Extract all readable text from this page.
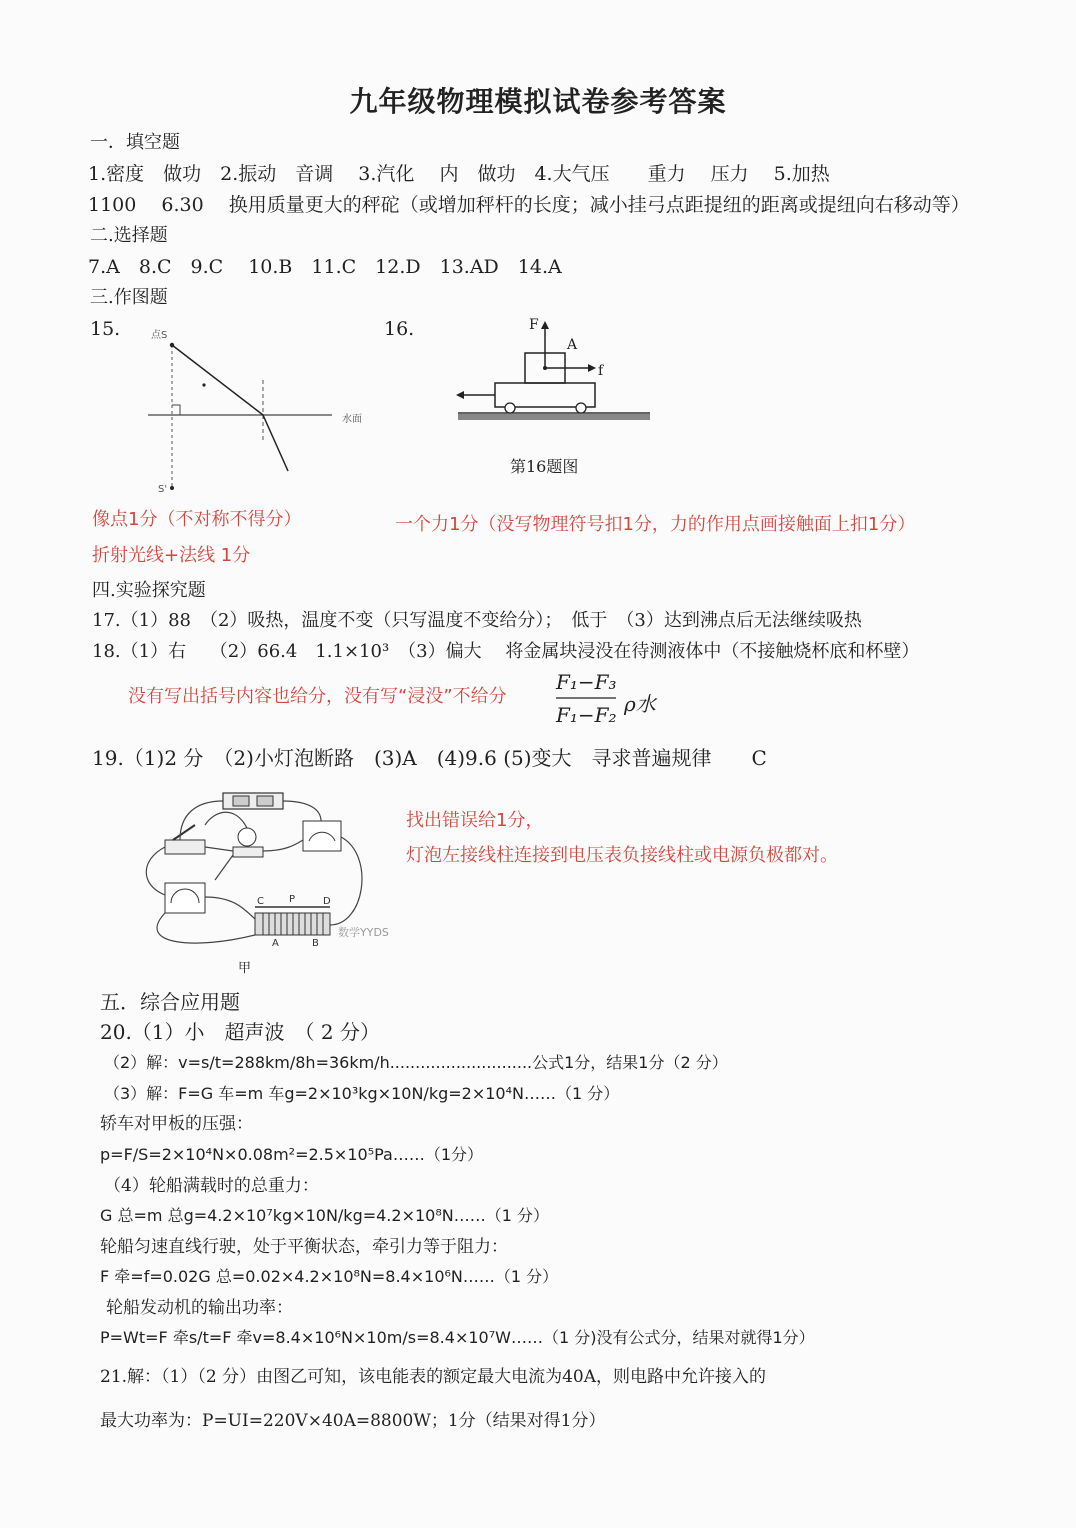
九年级物理模拟试卷参考答案
一．填空题
1.密度　做功　2.振动　音调　 3.汽化　 内　做功　4.大气压　　重力　 压力　 5.加热
1100　 6.30　 换用质量更大的秤砣（或增加秤杆的长度；减小挂弓点距提纽的距离或提纽向右移动等）
二.选择题
7.A　8.C　9.C　 10.B　11.C　12.D　13.AD　14.A
三.作图题
15.	16.
点S
水面
S'
F
A
f
第16题图
像点1分（不对称不得分）	一个力1分（没写物理符号扣1分，力的作用点画接触面上扣1分）
折射光线+法线 1分
四.实验探究题
17.（1）88　（2）吸热，温度不变（只写温度不变给分）；　低于　（3）达到沸点后无法继续吸热
18.（1）右　 （2）66.4　1.1×10³　（3）偏大　 将金属块浸没在待测液体中（不接触烧杯底和杯壁）
没有写出括号内容也给分，没有写“浸没”不给分
F₁−F₃
F₁−F₂ ρ水
19.（1)2 分　（2)小灯泡断路　(3)A　(4)9.6 (5)变大　寻求普遍规律　　C
C	P	D
A	B
数学YYDS
甲
找出错误给1分，
灯泡左接线柱连接到电压表负接线柱或电源负极都对。
五．综合应用题
20.（1）小　超声波　（ 2 分）
（2）解：v=s/t=288km/8h=36km/h............................公式1分，结果1分（2 分）
（3）解：F=G 车=m 车g=2×10³kg×10N/kg=2×10⁴N……（1 分）
轿车对甲板的压强：
p=F/S=2×10⁴N×0.08m²=2.5×10⁵Pa……（1分）
（4）轮船满载时的总重力：
G 总=m 总g=4.2×10⁷kg×10N/kg=4.2×10⁸N……（1 分）
轮船匀速直线行驶，处于平衡状态，牵引力等于阻力：
F 牵=f=0.02G 总=0.02×4.2×10⁸N=8.4×10⁶N……（1 分）
轮船发动机的输出功率：
P=Wt=F 牵s/t=F 牵v=8.4×10⁶N×10m/s=8.4×10⁷W……（1 分)没有公式分，结果对就得1分）
21.解：（1）（2 分）由图乙可知，该电能表的额定最大电流为40A，则电路中允许接入的
最大功率为：P=UI=220V×40A=8800W；1分（结果对得1分）
